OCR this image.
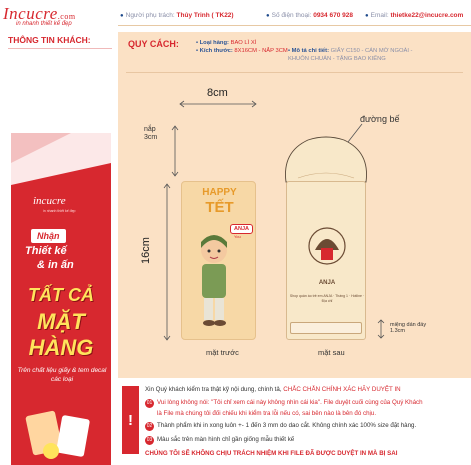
Incucre.com
in nhanh thiết kế đẹp
● Người phụ trách: Thủy Trinh ( TK22)	● Số điện thoại: 0934 670 928 ● Email: thietke22@incucre.com
THÔNG TIN KHÁCH:
incucre
in nhanh thiết kế đẹp
Nhận
Thiết kế
& in ấn
TẤT CẢ
MẶT
HÀNG
Trên chất liệu giấy & tem decal các loại
QUY CÁCH:	• Loại hàng: BAO LÌ XÌ
• Kích thước: 8X16CM - NẮP 3CM • Mô tả chi tiết: GIẤY C150 - CÁN MỜ NGOÀI -
KHUÔN CHUẨN - TẶNG BAO KIẾNG
8cm
nắp
3cm
16cm
HAPPY
TẾT
ANJA
You
mặt trước
ANJA
Shop quần áo trẻ em ANJA · Tháng 1 · Hotline · Địa chỉ
mặt sau
đường bế
miệng dán đáy
1.3cm
!
Xin Quý khách kiểm tra thật kỹ nội dung, chính tả, CHẮC CHẮN CHÍNH XÁC HÃY DUYỆT IN
01 Vui lòng không nói: "Tôi chỉ xem cái này không nhìn cái kia". File duyệt cuối cùng của Quý Khách
là File mà chúng tôi đối chiếu khi kiểm tra lỗi nếu có, sai bên nào là bên đó chịu.
02 Thành phẩm khi in xong luôn +- 1 đến 3 mm do dao cắt. Không chính xác 100% size đặt hàng.
03 Màu sắc trên màn hình chỉ gần giống mẫu thiết kế
CHÚNG TÔI SẼ KHÔNG CHỊU TRÁCH NHIỆM KHI FILE ĐÃ ĐƯỢC DUYỆT IN MÀ BỊ SAI
